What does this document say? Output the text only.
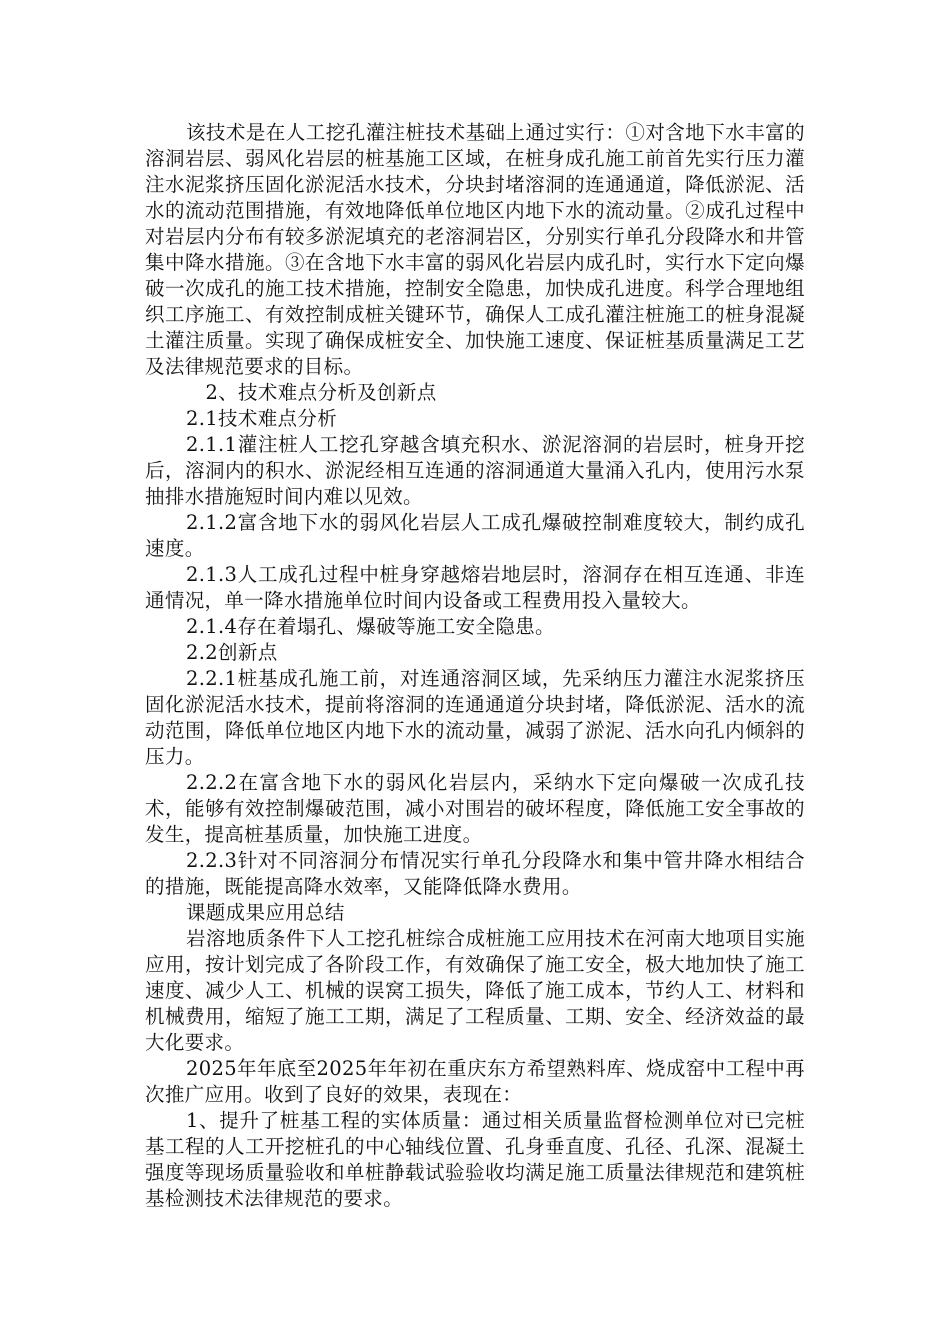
该技术是在人工挖孔灌注桩技术基础上通过实行：①对含地下水丰富的溶洞岩层、弱风化岩层的桩基施工区域，在桩身成孔施工前首先实行压力灌注水泥浆挤压固化淤泥活水技术，分块封堵溶洞的连通通道，降低淤泥、活水的流动范围措施，有效地降低单位地区内地下水的流动量。②成孔过程中对岩层内分布有较多淤泥填充的老溶洞岩区，分别实行单孔分段降水和井管集中降水措施。③在含地下水丰富的弱风化岩层内成孔时，实行水下定向爆破一次成孔的施工技术措施，控制安全隐患，加快成孔进度。科学合理地组织工序施工、有效控制成桩关键环节，确保人工成孔灌注桩施工的桩身混凝土灌注质量。实现了确保成桩安全、加快施工速度、保证桩基质量满足工艺及法律规范要求的目标。

2、技术难点分析及创新点

2.1技术难点分析

2.1.1灌注桩人工挖孔穿越含填充积水、淤泥溶洞的岩层时，桩身开挖后，溶洞内的积水、淤泥经相互连通的溶洞通道大量涌入孔内，使用污水泵抽排水措施短时间内难以见效。

2.1.2富含地下水的弱风化岩层人工成孔爆破控制难度较大，制约成孔速度。

2.1.3人工成孔过程中桩身穿越熔岩地层时，溶洞存在相互连通、非连通情况，单一降水措施单位时间内设备或工程费用投入量较大。

2.1.4存在着塌孔、爆破等施工安全隐患。

2.2创新点

2.2.1桩基成孔施工前，对连通溶洞区域，先采纳压力灌注水泥浆挤压固化淤泥活水技术，提前将溶洞的连通通道分块封堵，降低淤泥、活水的流动范围，降低单位地区内地下水的流动量，减弱了淤泥、活水向孔内倾斜的压力。

2.2.2在富含地下水的弱风化岩层内，采纳水下定向爆破一次成孔技术，能够有效控制爆破范围，减小对围岩的破坏程度，降低施工安全事故的发生，提高桩基质量，加快施工进度。

2.2.3针对不同溶洞分布情况实行单孔分段降水和集中管井降水相结合的措施，既能提高降水效率，又能降低降水费用。

课题成果应用总结

岩溶地质条件下人工挖孔桩综合成桩施工应用技术在河南大地项目实施应用，按计划完成了各阶段工作，有效确保了施工安全，极大地加快了施工速度、减少人工、机械的误窝工损失，降低了施工成本，节约人工、材料和机械费用，缩短了施工工期，满足了工程质量、工期、安全、经济效益的最大化要求。

2025年年底至2025年年初在重庆东方希望熟料库、烧成窑中工程中再次推广应用。收到了良好的效果，表现在：

1、提升了桩基工程的实体质量：通过相关质量监督检测单位对已完桩基工程的人工开挖桩孔的中心轴线位置、孔身垂直度、孔径、孔深、混凝土强度等现场质量验收和单桩静载试验验收均满足施工质量法律规范和建筑桩基检测技术法律规范的要求。
